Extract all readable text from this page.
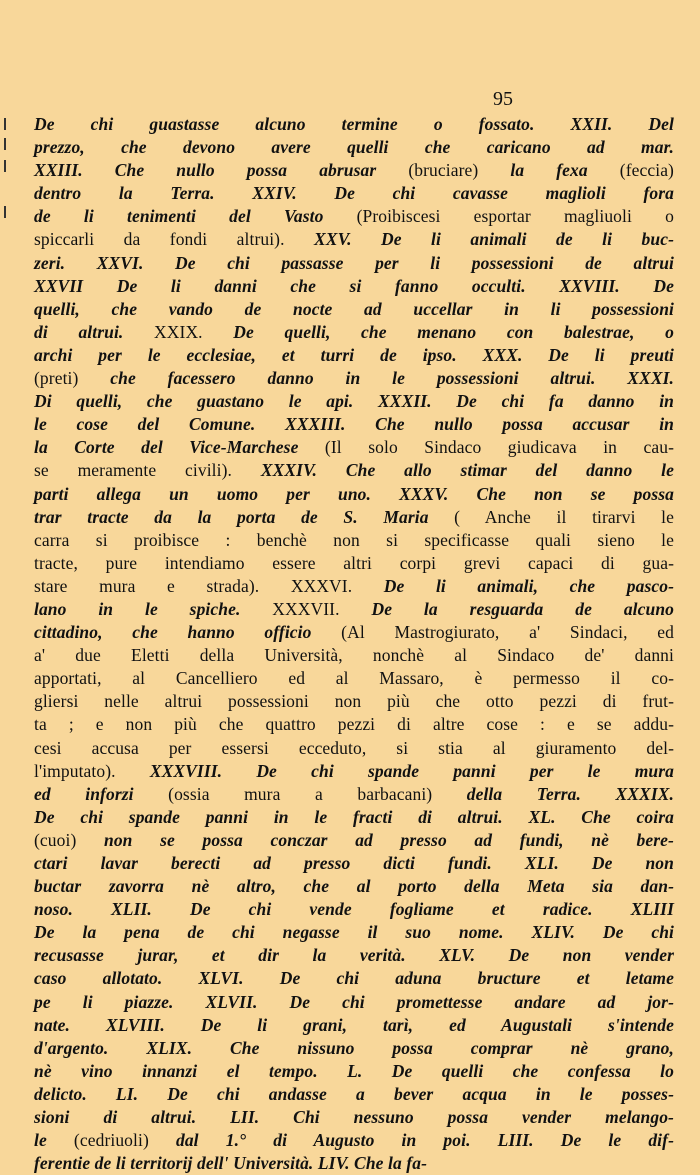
95
De chi guastasse alcuno termine o fossato. XXII. Del
prezzo, che devono avere quelli che caricano ad mar.
XXIII. Che nullo possa abrusar (bruciare) la fexa (feccia)
dentro la Terra. XXIV. De chi cavasse maglioli fora
de li tenimenti del Vasto (Proibiscesi esportar magliuoli o
spiccarli da fondi altrui). XXV. De li animali de li buc-
zeri. XXVI. De chi passasse per li possessioni de altrui
XXVII De li danni che si fanno occulti. XXVIII. De
quelli, che vando de nocte ad uccellar in li possessioni
di altrui. XXIX. De quelli, che menano con balestrae, o
archi per le ecclesiae, et turri de ipso. XXX. De li preuti
(preti) che facessero danno in le possessioni altrui. XXXI.
Di quelli, che guastano le api. XXXII. De chi fa danno in
le cose del Comune. XXXIII. Che nullo possa accusar in
la Corte del Vice-Marchese (Il solo Sindaco giudicava in cau-
se meramente civili). XXXIV. Che allo stimar del danno le
parti allega un uomo per uno. XXXV. Che non se possa
trar tracte da la porta de S. Maria ( Anche il tirarvi le
carra si proibisce : benchè non si specificasse quali sieno le
tracte, pure intendiamo essere altri corpi grevi capaci di gua-
stare mura e strada). XXXVI. De li animali, che pasco-
lano in le spiche. XXXVII. De la resguarda de alcuno
cittadino, che hanno officio (Al Mastrogiurato, a' Sindaci, ed
a' due Eletti della Università, nonchè al Sindaco de' danni
apportati, al Cancelliero ed al Massaro, è permesso il co-
gliersi nelle altrui possessioni non più che otto pezzi di frut-
ta ; e non più che quattro pezzi di altre cose : e se addu-
cesi accusa per essersi ecceduto, si stia al giuramento del-
l'imputato). XXXVIII. De chi spande panni per le mura
ed inforzi (ossia mura a barbacani) della Terra. XXXIX.
De chi spande panni in le fracti di altrui. XL. Che coira
(cuoi) non se possa conczar ad presso ad fundi, nè bere-
ctari lavar berecti ad presso dicti fundi. XLI. De non
buctar zavorra nè altro, che al porto della Meta sia dan-
noso. XLII. De chi vende fogliame et radice. XLIII
De la pena de chi negasse il suo nome. XLIV. De chi
recusasse jurar, et dir la verità. XLV. De non vender
caso allotato. XLVI. De chi aduna bructure et letame
pe li piazze. XLVII. De chi promettesse andare ad jor-
nate. XLVIII. De li grani, tarì, ed Augustali s'intende
d'argento. XLIX. Che nissuno possa comprar nè grano,
nè vino innanzi el tempo. L. De quelli che confessa lo
delicto. LI. De chi andasse a bever acqua in le posses-
sioni di altrui. LII. Chi nessuno possa vender melango-
le (cedriuoli) dal 1.° di Augusto in poi. LIII. De le dif-
ferentie de li territorij dell' Università. LIV. Che la fa-
